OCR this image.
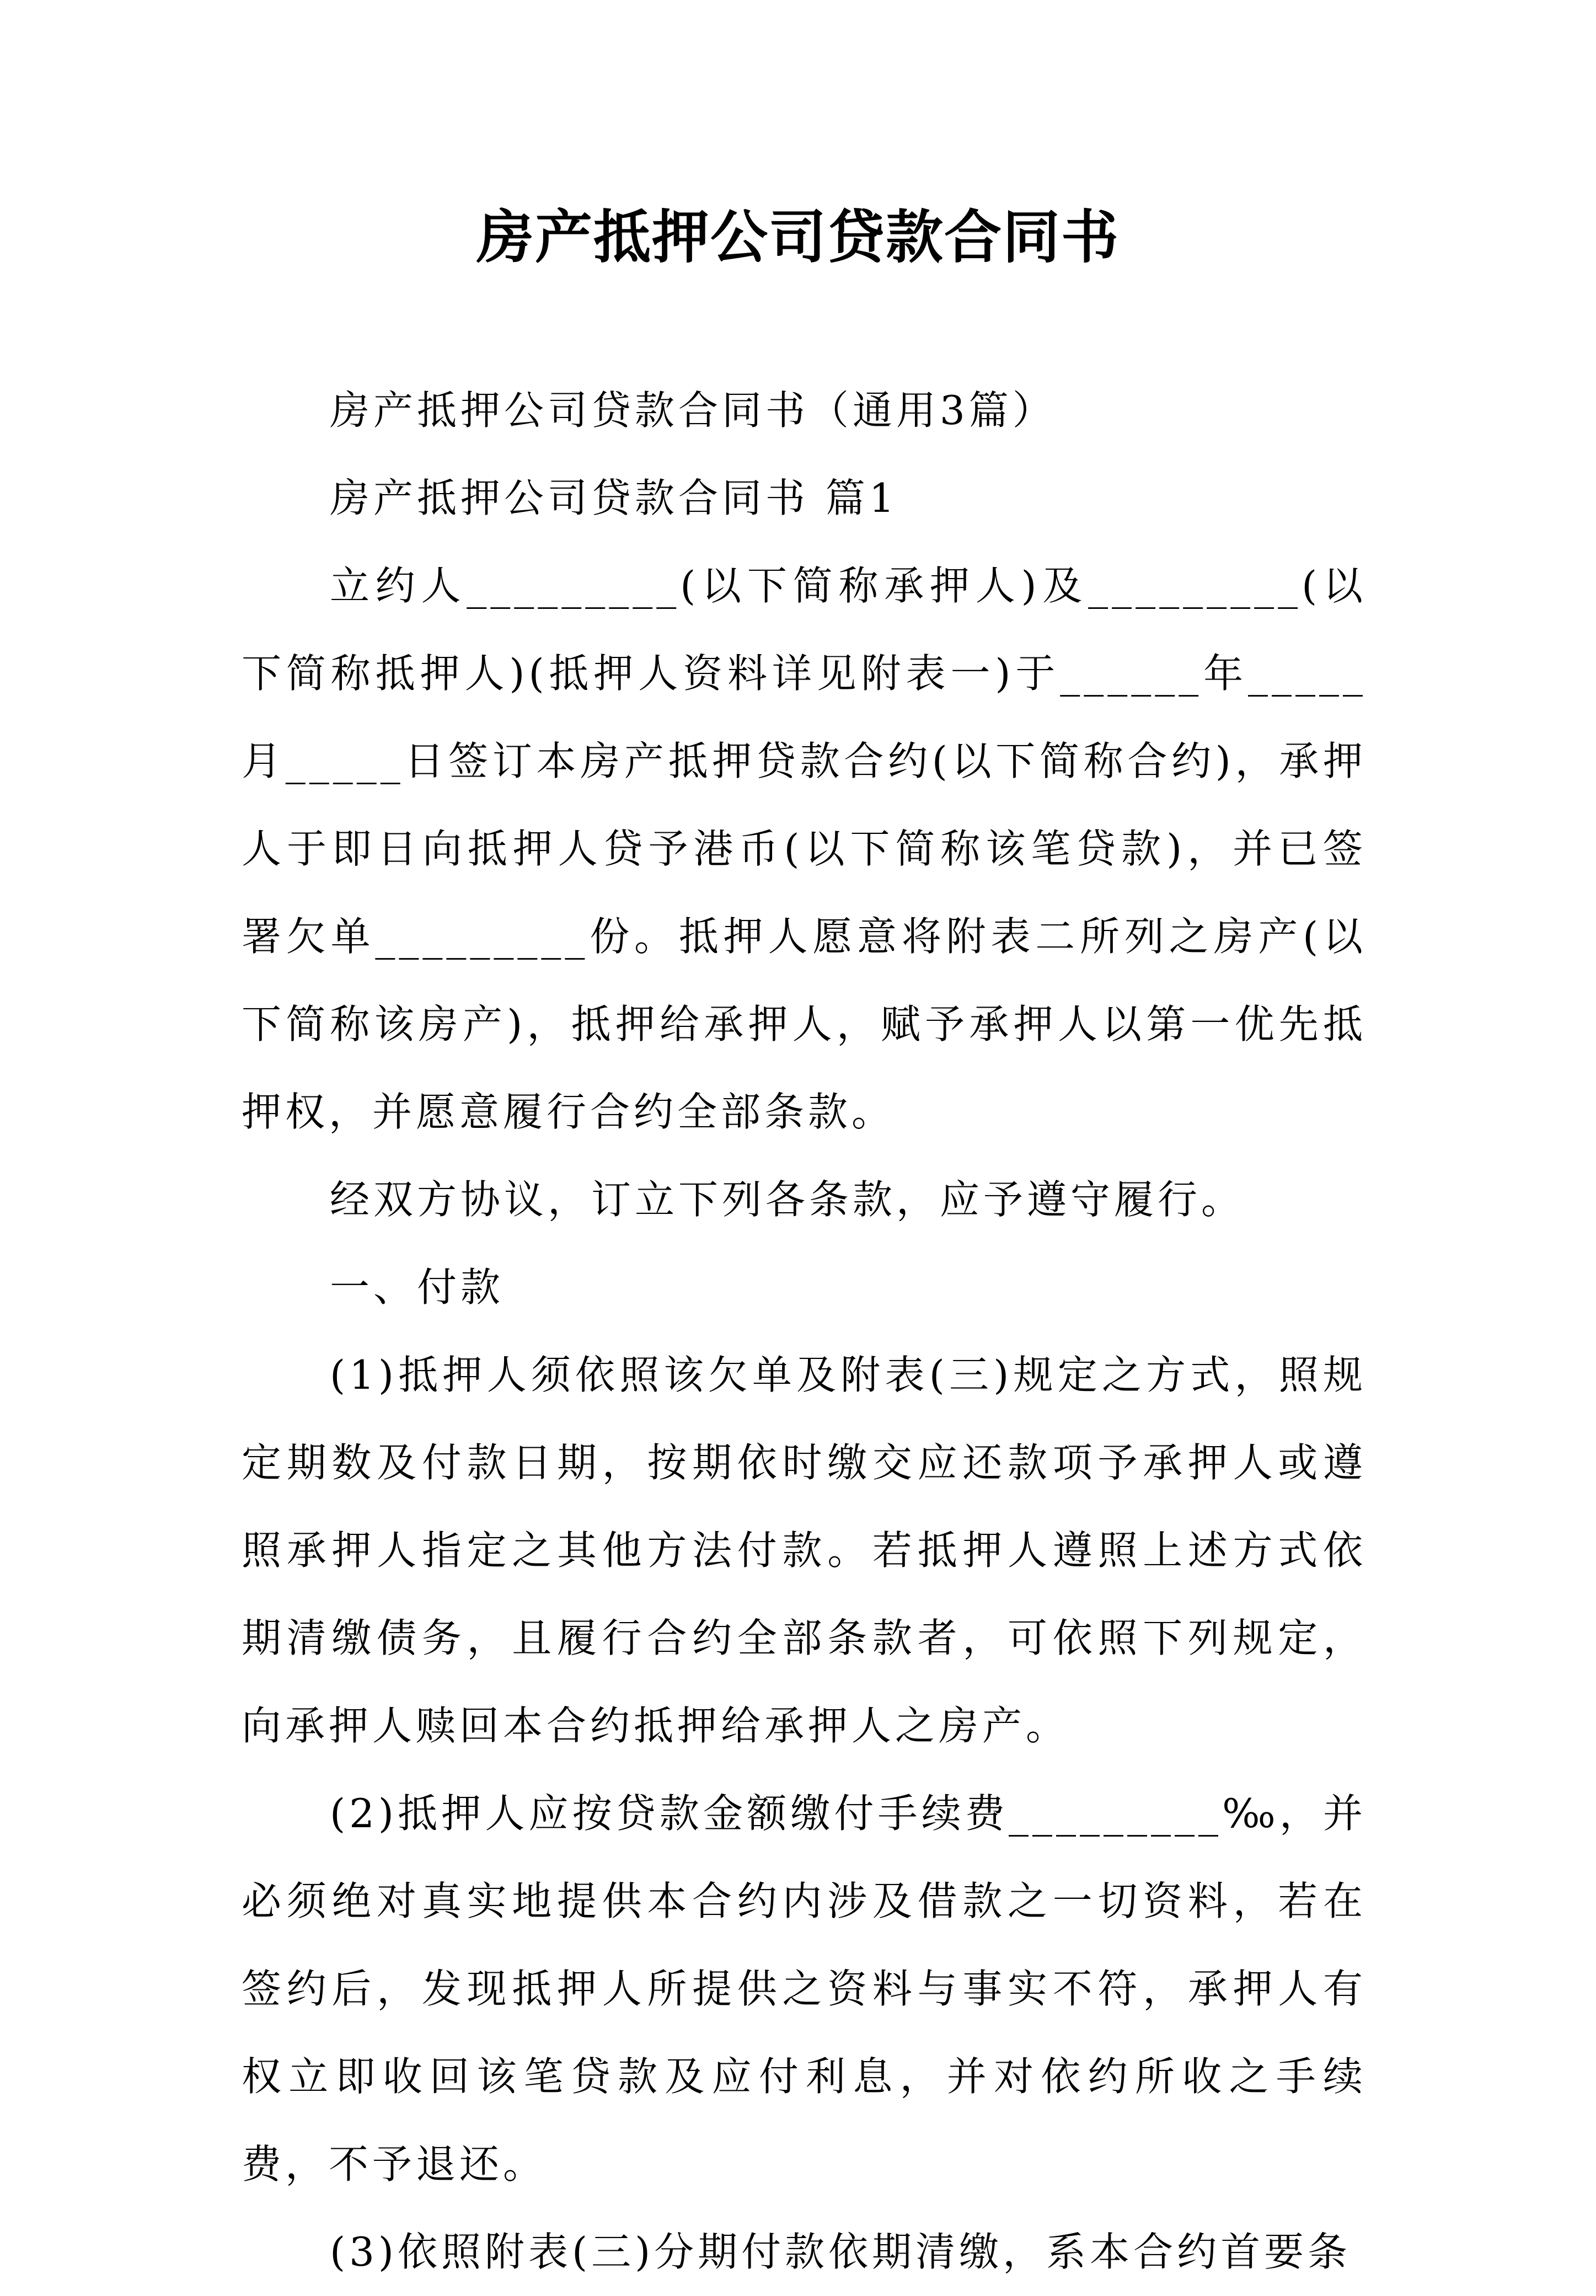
房产抵押公司贷款合同书

房产抵押公司贷款合同书（通用3篇）

房产抵押公司贷款合同书 篇1

立约人_________(以下简称承押人)及_________(以下简称抵押人)(抵押人资料详见附表一)于______年_____月_____日签订本房产抵押贷款合约(以下简称合约)，承押人于即日向抵押人贷予港币(以下简称该笔贷款)，并已签署欠单_________份。抵押人愿意将附表二所列之房产(以下简称该房产)，抵押给承押人，赋予承押人以第一优先抵押权，并愿意履行合约全部条款。

经双方协议，订立下列各条款，应予遵守履行。

一、付款

(1)抵押人须依照该欠单及附表(三)规定之方式，照规定期数及付款日期，按期依时缴交应还款项予承押人或遵照承押人指定之其他方法付款。若抵押人遵照上述方式依期清缴债务，且履行合约全部条款者，可依照下列规定，向承押人赎回本合约抵押给承押人之房产。

(2)抵押人应按贷款金额缴付手续费_________‰，并必须绝对真实地提供本合约内涉及借款之一切资料，若在签约后，发现抵押人所提供之资料与事实不符，承押人有权立即收回该笔贷款及应付利息，并对依约所收之手续费，不予退还。

(3)依照附表(三)分期付款依期清缴，系本合约首要条
